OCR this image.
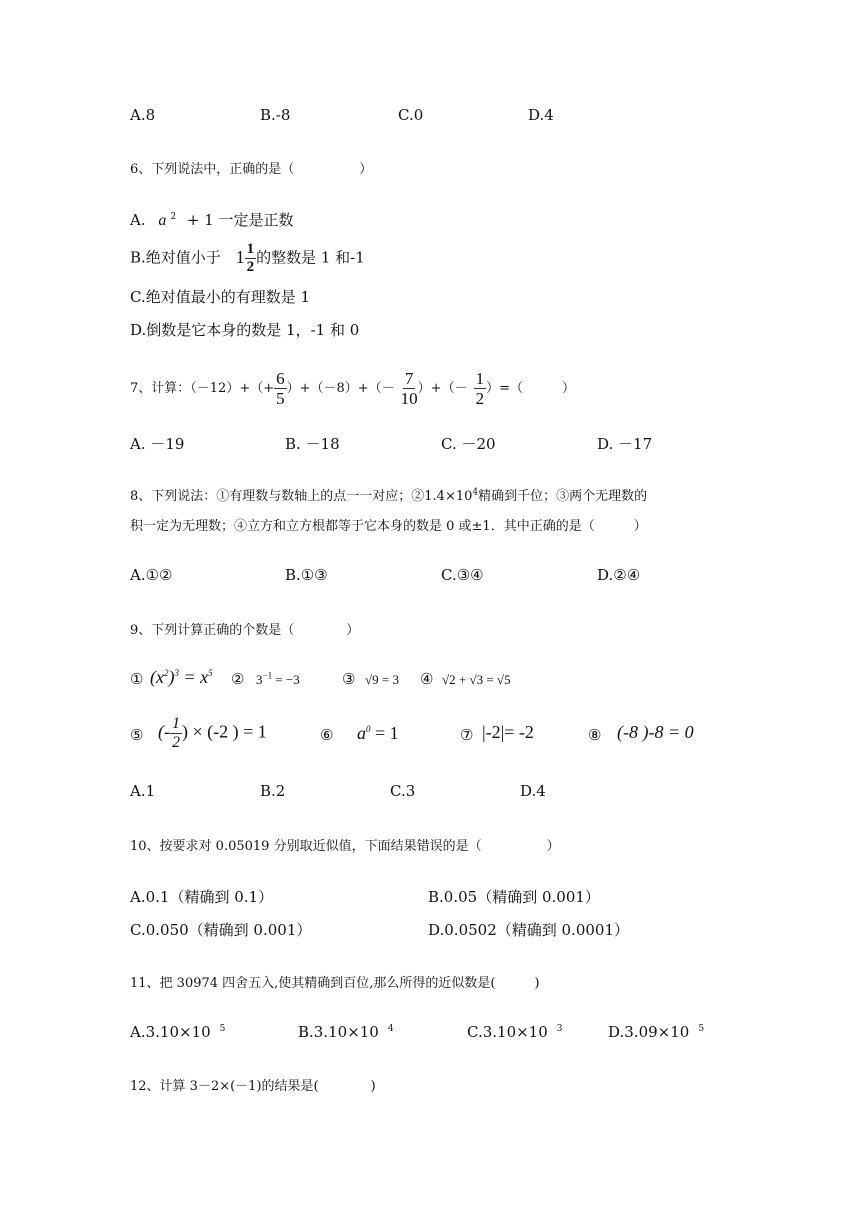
A.8	B.-8	C.0	D.4
6、下列说法中，正确的是（　　　　　）
A. a $^2$ + 1 一定是正数
B.绝对值小于 $1 \frac{1}{2}$ 的整数是 1 和-1
C.绝对值最小的有理数是 1
D.倒数是它本身的数是 1，-1 和 0
7、计算：$(-12)+(+ \frac{6}{5} )+(-8)+(- \frac{7}{10}$ ）+（－ $\frac{1}{2}$ ）=（　　　）
A. －19	B. －18	C. －20	D. －17
8、下列说法：①有理数与数轴上的点一一对应；$②1.4\times 10^4$精确到千位；③两个无理数的
积一定为无理数；④立方和立方根都等于它本身的数是 0 或±1．其中正确的是（　　　）
A.①②	B.①③	C.③④	D.②④
9、下列计算正确的个数是（　　　　）
① $(x^2)^3 = x^5$ ② $3^{-1} = -3$	③ √9 = 3 ④ √2 + √3 = √5
⑤ (- $\frac{1}{2}$ ) × (-2 ) = 1	⑥ $a^0 = 1$	⑦ |-2|= -2	⑧ (-8 )-8 = 0
A.1	B.2	C.3	D.4
10、按要求对 0.05019 分别取近似值，下面结果错误的是（　　　　　）
A.0.1（精确到 0.1）	B.0.05（精确到 0.001）
C.0.050（精确到 0.001）	D.0.0502（精确到 0.0001）
11、把 30974 四舍五入,使其精确到百位,那么所得的近似数是(　　　)
A.3.10×10 $^5$	B.3.10×10 $^4$	C.3.10×10 $^3$	D.3.09×10 $^5$
12、计算 3－2×(－1)的结果是(　　　　)
